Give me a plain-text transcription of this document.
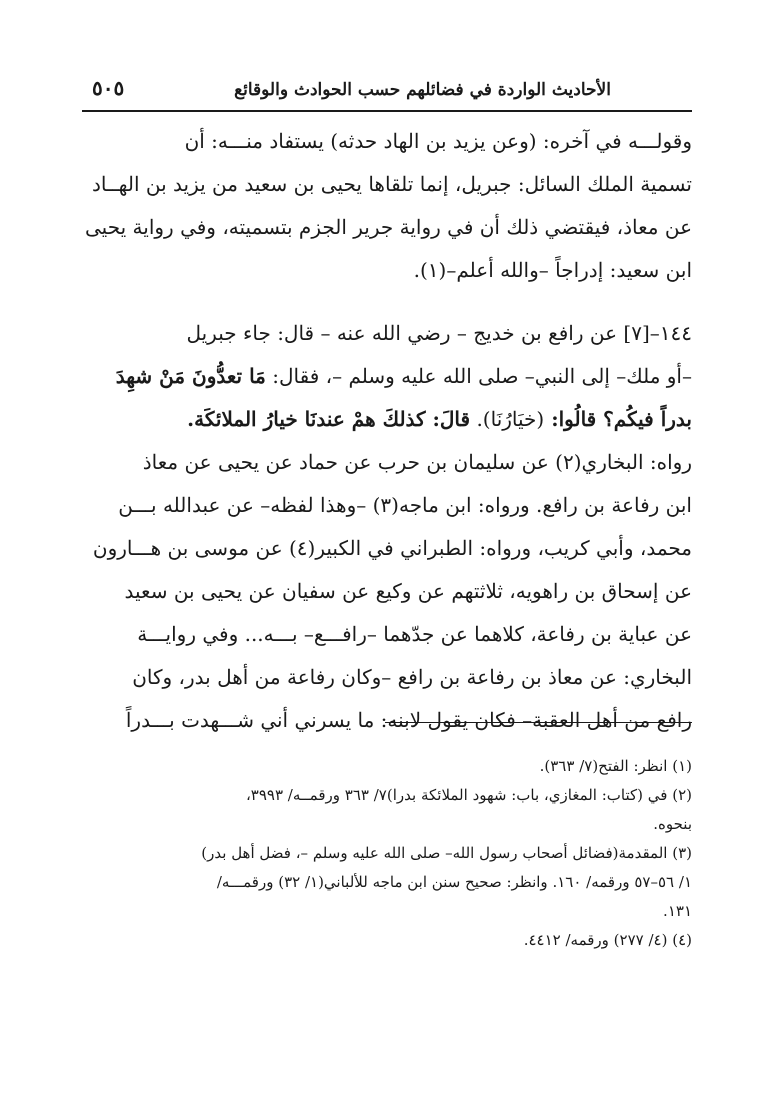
الأحاديث الواردة في فضائلهم حسب الحوادث والوقائع
٥٠٥
وقولـــه في آخره: (وعن يزيد بن الهاد حدثه) يستفاد منـــه: أن
تسمية الملك السائل: جبريل، إنما تلقاها يحيى بن سعيد من يزيد بن الهــاد
عن معاذ، فيقتضي ذلك أن في رواية جرير الجزم بتسميته، وفي رواية يحيى
ابن سعيد: إدراجاً –والله أعلم–(١).
١٤٤–[٧] عن رافع بن خديج – رضي الله عنه – قال: جاء جبريل
–أو ملك– إلى النبي– صلى الله عليه وسلم –، فقال: مَا تعدُّونَ مَنْ شهِدَ
بدراً فيكُم؟ قالُوا: (خيَارُنَا). قالَ: كذلكَ همْ عندنَا خيارُ الملائكَة.
رواه: البخاري(٢) عن سليمان بن حرب عن حماد عن يحيى عن معاذ
ابن رفاعة بن رافع. ورواه: ابن ماجه(٣) –وهذا لفظه– عن عبدالله بـــن
محمد، وأبي كريب، ورواه: الطبراني في الكبير(٤) عن موسى بن هـــارون
عن إسحاق بن راهويه، ثلاثتهم عن وكيع عن سفيان عن يحيى بن سعيد
عن عباية بن رفاعة، كلاهما عن جدّهما –رافـــع– بـــه... وفي روايـــة
البخاري: عن معاذ بن رفاعة بن رافع –وكان رفاعة من أهل بدر، وكان
رافع من أهل العقبة– فكان يقول لابنه: ما يسرني أني شـــهدت بـــدراً
(١) انظر: الفتح(٧/ ٣٦٣).
(٢) في (كتاب: المغازي، باب: شهود الملائكة بدرا)٧/ ٣٦٣ ورقمــه/ ٣٩٩٣،
بنحوه.
(٣) المقدمة(فضائل أصحاب رسول الله– صلى الله عليه وسلم –، فضل أهل بدر)
١/ ٥٦–٥٧ ورقمه/ ١٦٠. وانظر: صحيح سنن ابن ماجه للألباني(١/ ٣٢) ورقمـــه/
١٣١.
(٤) (٤/ ٢٧٧) ورقمه/ ٤٤١٢.
